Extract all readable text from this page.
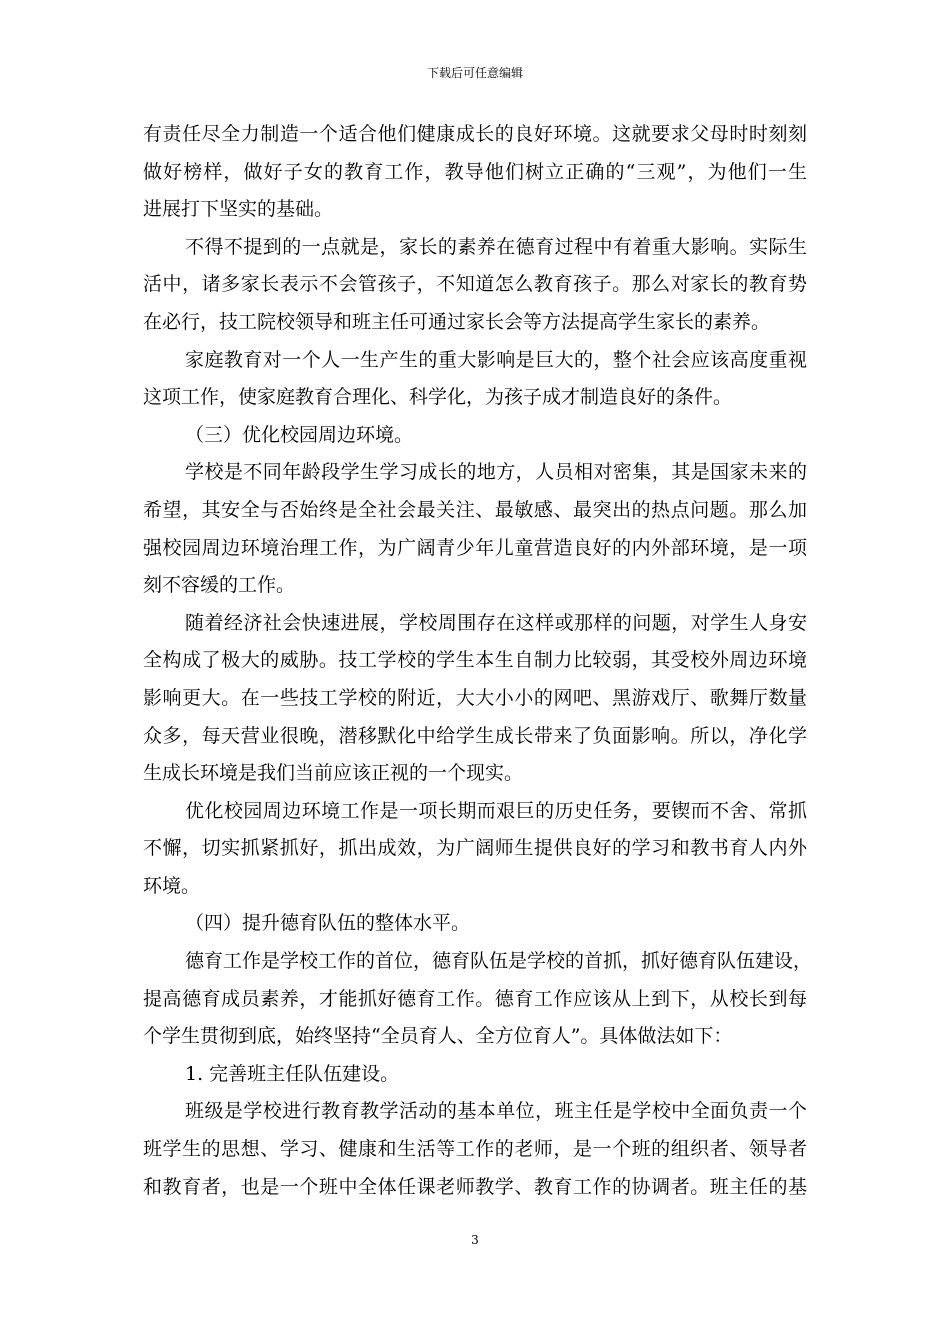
下载后可任意编辑
有责任尽全力制造一个适合他们健康成长的良好环境。这就要求父母时时刻刻
做好榜样，做好子女的教育工作，教导他们树立正确的“三观”，为他们一生
进展打下坚实的基础。
不得不提到的一点就是，家长的素养在德育过程中有着重大影响。实际生
活中，诸多家长表示不会管孩子，不知道怎么教育孩子。那么对家长的教育势
在必行，技工院校领导和班主任可通过家长会等方法提高学生家长的素养。
家庭教育对一个人一生产生的重大影响是巨大的，整个社会应该高度重视
这项工作，使家庭教育合理化、科学化，为孩子成才制造良好的条件。
（三）优化校园周边环境。
学校是不同年龄段学生学习成长的地方，人员相对密集，其是国家未来的
希望，其安全与否始终是全社会最关注、最敏感、最突出的热点问题。那么加
强校园周边环境治理工作，为广阔青少年儿童营造良好的内外部环境，是一项
刻不容缓的工作。
随着经济社会快速进展，学校周围存在这样或那样的问题，对学生人身安
全构成了极大的威胁。技工学校的学生本生自制力比较弱，其受校外周边环境
影响更大。在一些技工学校的附近，大大小小的网吧、黑游戏厅、歌舞厅数量
众多，每天营业很晚，潜移默化中给学生成长带来了负面影响。所以，净化学
生成长环境是我们当前应该正视的一个现实。
优化校园周边环境工作是一项长期而艰巨的历史任务，要锲而不舍、常抓
不懈，切实抓紧抓好，抓出成效，为广阔师生提供良好的学习和教书育人内外
环境。
（四）提升德育队伍的整体水平。
德育工作是学校工作的首位，德育队伍是学校的首抓，抓好德育队伍建设，
提高德育成员素养，才能抓好德育工作。德育工作应该从上到下，从校长到每
个学生贯彻到底，始终坚持“全员育人、全方位育人”。具体做法如下：
1. 完善班主任队伍建设。
班级是学校进行教育教学活动的基本单位，班主任是学校中全面负责一个
班学生的思想、学习、健康和生活等工作的老师，是一个班的组织者、领导者
和教育者，也是一个班中全体任课老师教学、教育工作的协调者。班主任的基
3
